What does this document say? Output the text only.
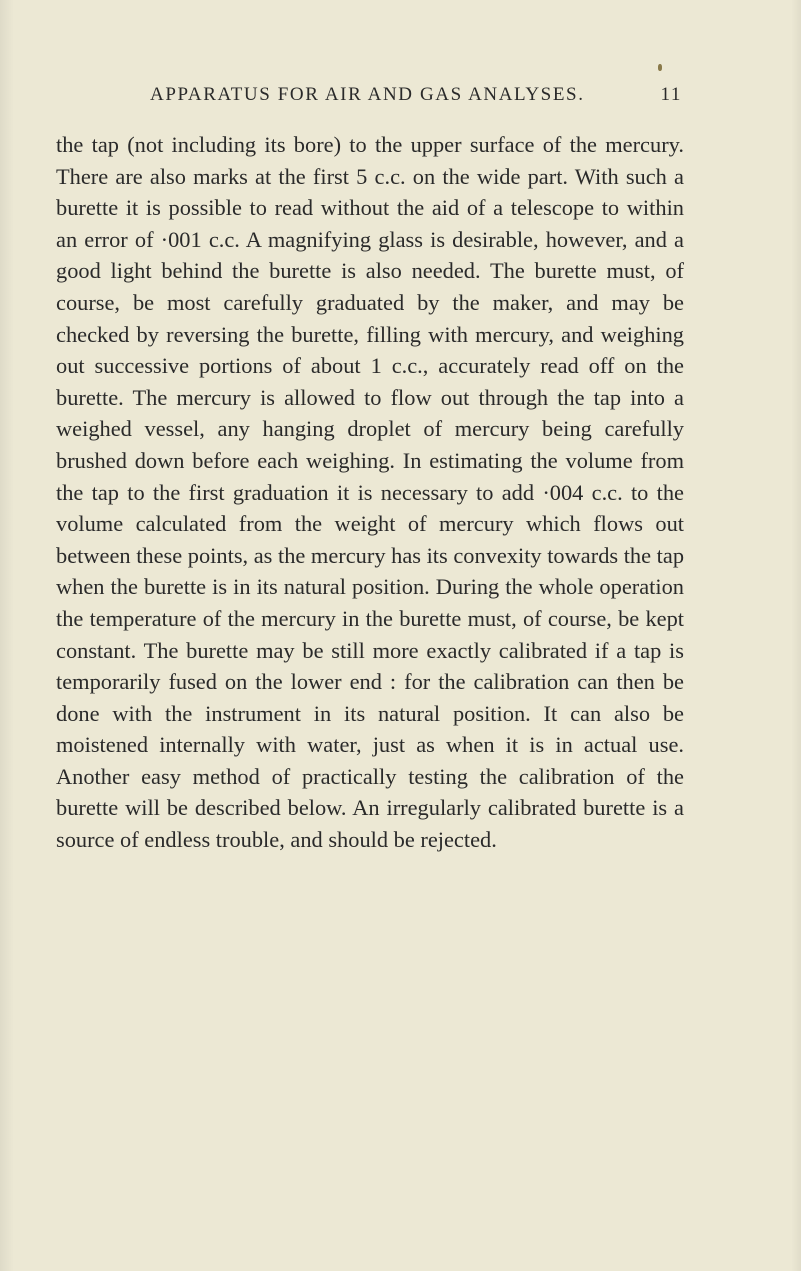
APPARATUS FOR AIR AND GAS ANALYSES.	11

the tap (not including its bore) to the upper surface of the mercury. There are also marks at the first 5 c.c. on the wide part. With such a burette it is possible to read without the aid of a telescope to within an error of ·001 c.c. A magnifying glass is desirable, however, and a good light behind the burette is also needed. The burette must, of course, be most carefully graduated by the maker, and may be checked by reversing the burette, filling with mercury, and weighing out successive portions of about 1 c.c., accurately read off on the burette. The mercury is allowed to flow out through the tap into a weighed vessel, any hanging droplet of mercury being carefully brushed down before each weighing. In estimating the volume from the tap to the first graduation it is necessary to add ·004 c.c. to the volume calculated from the weight of mercury which flows out between these points, as the mercury has its convexity towards the tap when the burette is in its natural position. During the whole operation the temperature of the mercury in the burette must, of course, be kept constant. The burette may be still more exactly calibrated if a tap is temporarily fused on the lower end : for the calibration can then be done with the instrument in its natural position. It can also be moistened internally with water, just as when it is in actual use. Another easy method of practically testing the calibration of the burette will be described below. An irregularly calibrated burette is a source of endless trouble, and should be rejected.
